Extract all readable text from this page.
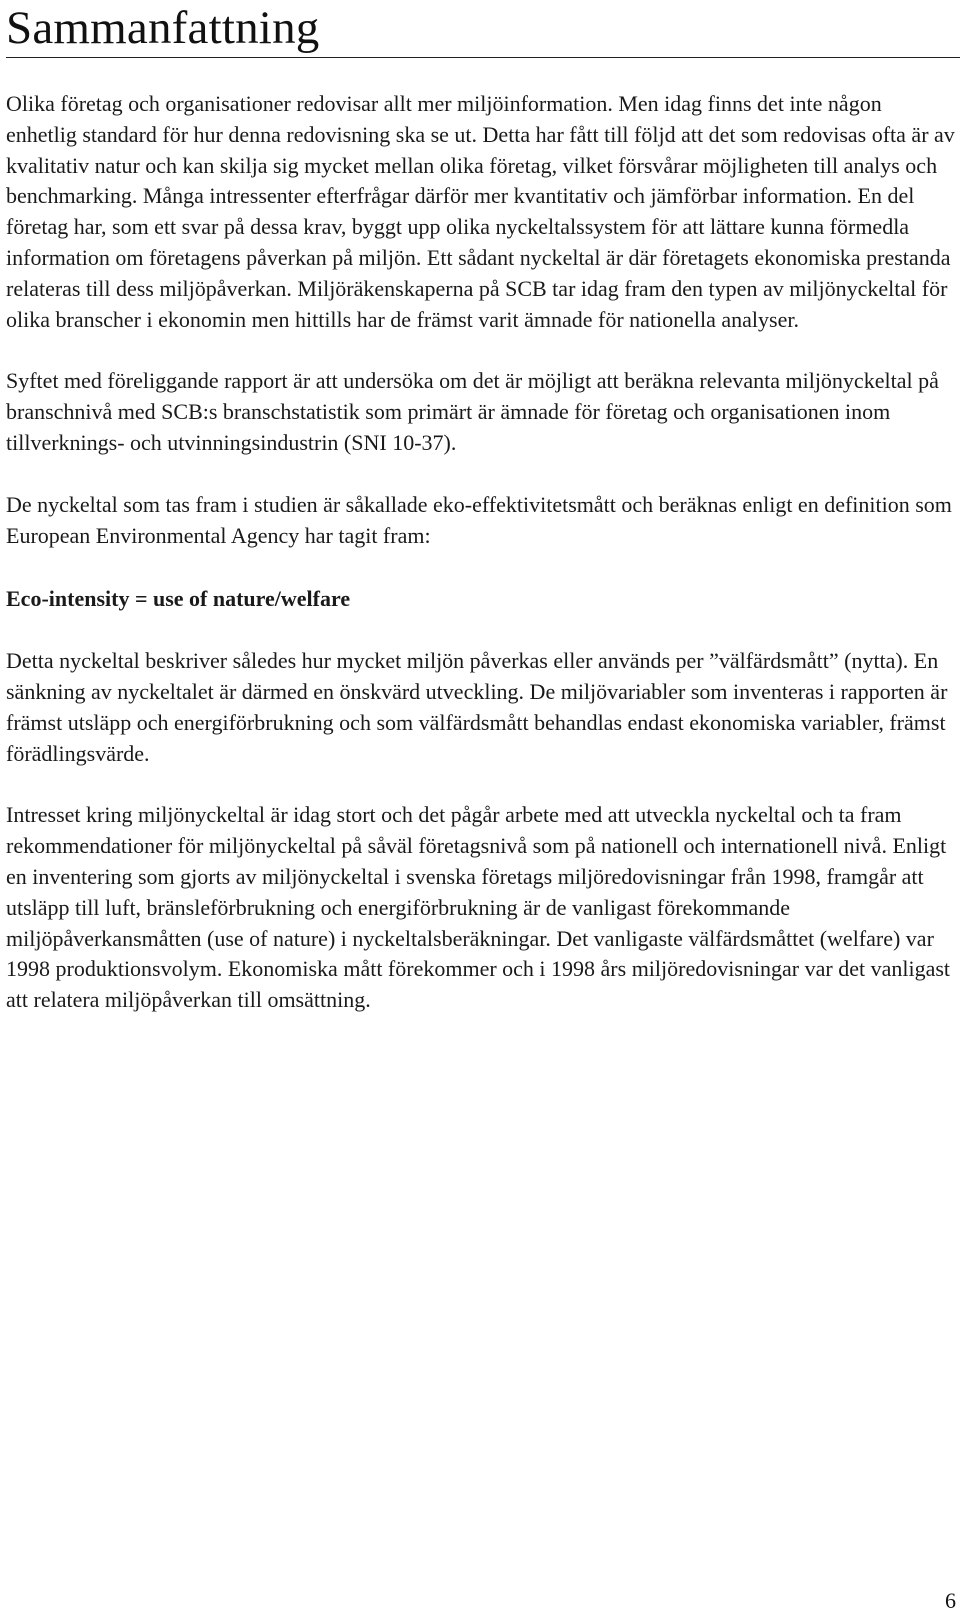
Sammanfattning

Olika företag och organisationer redovisar allt mer miljöinformation. Men idag finns det inte någon enhetlig standard för hur denna redovisning ska se ut. Detta har fått till följd att det som redovisas ofta är av kvalitativ natur och kan skilja sig mycket mellan olika företag, vilket försvårar möjligheten till analys och benchmarking. Många intressenter efterfrågar därför mer kvantitativ och jämförbar information. En del företag har, som ett svar på dessa krav, byggt upp olika nyckeltalssystem för att lättare kunna förmedla information om företagens påverkan på miljön. Ett sådant nyckeltal är där företagets ekonomiska prestanda relateras till dess miljöpåverkan. Miljöräkenskaperna på SCB tar idag fram den typen av miljönyckeltal för olika branscher i ekonomin men hittills har de främst varit ämnade för nationella analyser.

Syftet med föreliggande rapport är att undersöka om det är möjligt att beräkna relevanta miljönyckeltal på branschnivå med SCB:s branschstatistik som primärt är ämnade för företag och organisationen inom tillverknings- och utvinningsindustrin (SNI 10-37).

De nyckeltal som tas fram i studien är såkallade eko-effektivitetsmått och beräknas enligt en definition som European Environmental Agency har tagit fram:

Eco-intensity = use of nature/welfare

Detta nyckeltal beskriver således hur mycket miljön påverkas eller används per ”välfärdsmått” (nytta). En sänkning av nyckeltalet är därmed en önskvärd utveckling. De miljövariabler som inventeras i rapporten är främst utsläpp och energiförbrukning och som välfärdsmått behandlas endast ekonomiska variabler, främst förädlingsvärde.

Intresset kring miljönyckeltal är idag stort och det pågår arbete med att utveckla nyckeltal och ta fram rekommendationer för miljönyckeltal på såväl företagsnivå som på nationell och internationell nivå. Enligt en inventering som gjorts av miljönyckeltal i svenska företags miljöredovisningar från 1998, framgår att utsläpp till luft, bränsleförbrukning och energiförbrukning är de vanligast förekommande miljöpåverkansmåtten (use of nature) i nyckeltalsberäkningar. Det vanligaste välfärdsmåttet (welfare) var 1998 produktionsvolym. Ekonomiska mått förekommer och i 1998 års miljöredovisningar var det vanligast att relatera miljöpåverkan till omsättning.

6
